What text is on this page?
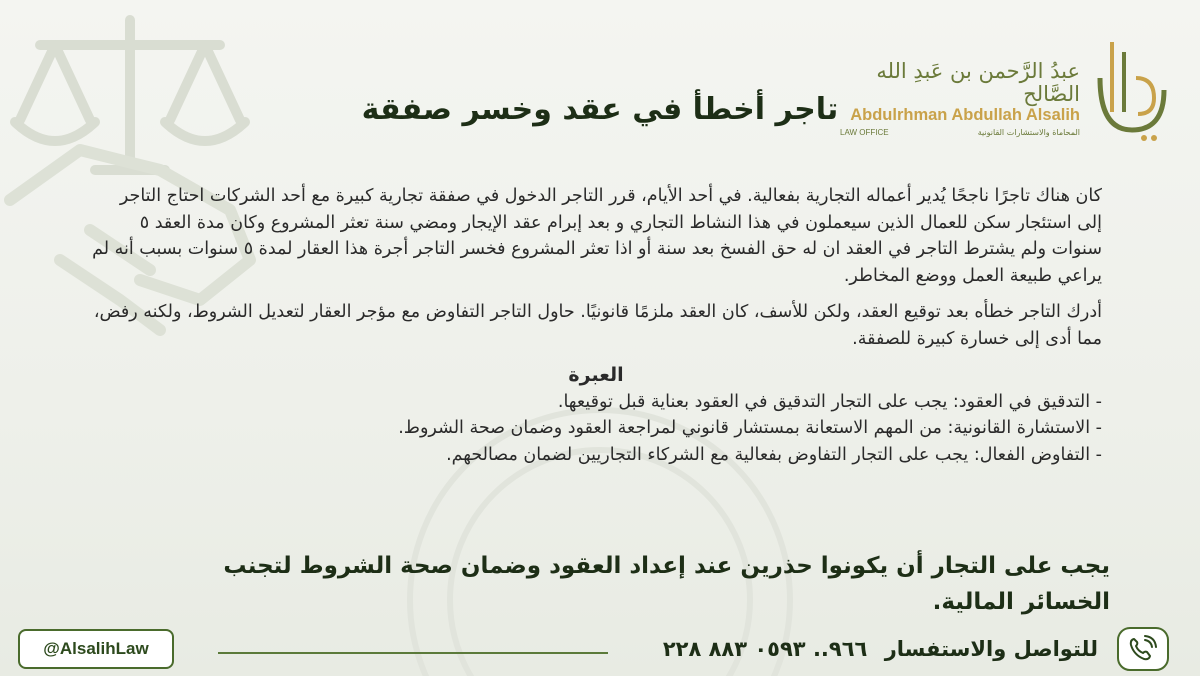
عبدُ الرَّحمن بن عَبدِ الله الصَّالح
Abdulrhman Abdullah Alsalih
المحاماة والاستشارات القانونية
LAW OFFICE
تاجر أخطأ في عقد وخسر صفقة

كان هناك تاجرًا ناجحًا يُدير أعماله التجارية بفعالية. في أحد الأيام، قرر التاجر الدخول في صفقة تجارية كبيرة مع أحد الشركات احتاج التاجر إلى استئجار سكن للعمال الذين سيعملون في هذا النشاط التجاري و بعد إبرام عقد الإيجار ومضي سنة تعثر المشروع وكان مدة العقد ٥ سنوات ولم يشترط التاجر في العقد ان له حق الفسخ بعد سنة أو اذا تعثر المشروع فخسر التاجر أجرة هذا العقار لمدة ٥ سنوات بسبب أنه لم يراعي طبيعة العمل ووضع المخاطر.

أدرك التاجر خطأه بعد توقيع العقد، ولكن للأسف، كان العقد ملزمًا قانونيًا. حاول التاجر التفاوض مع مؤجر العقار لتعديل الشروط، ولكنه رفض، مما أدى إلى خسارة كبيرة للصفقة.

العبرة
- التدقيق في العقود: يجب على التجار التدقيق في العقود بعناية قبل توقيعها.
- الاستشارة القانونية: من المهم الاستعانة بمستشار قانوني لمراجعة العقود وضمان صحة الشروط.
- التفاوض الفعال: يجب على التجار التفاوض بفعالية مع الشركاء التجاريين لضمان مصالحهم.
يجب على التجار أن يكونوا حذرين عند إعداد العقود وضمان صحة الشروط لتجنب الخسائر المالية.
@AlsalihLaw	للتواصل والاستفسار ٩٦٦.. ٠٥٩٣ ٨٨٣ ٢٢٨
